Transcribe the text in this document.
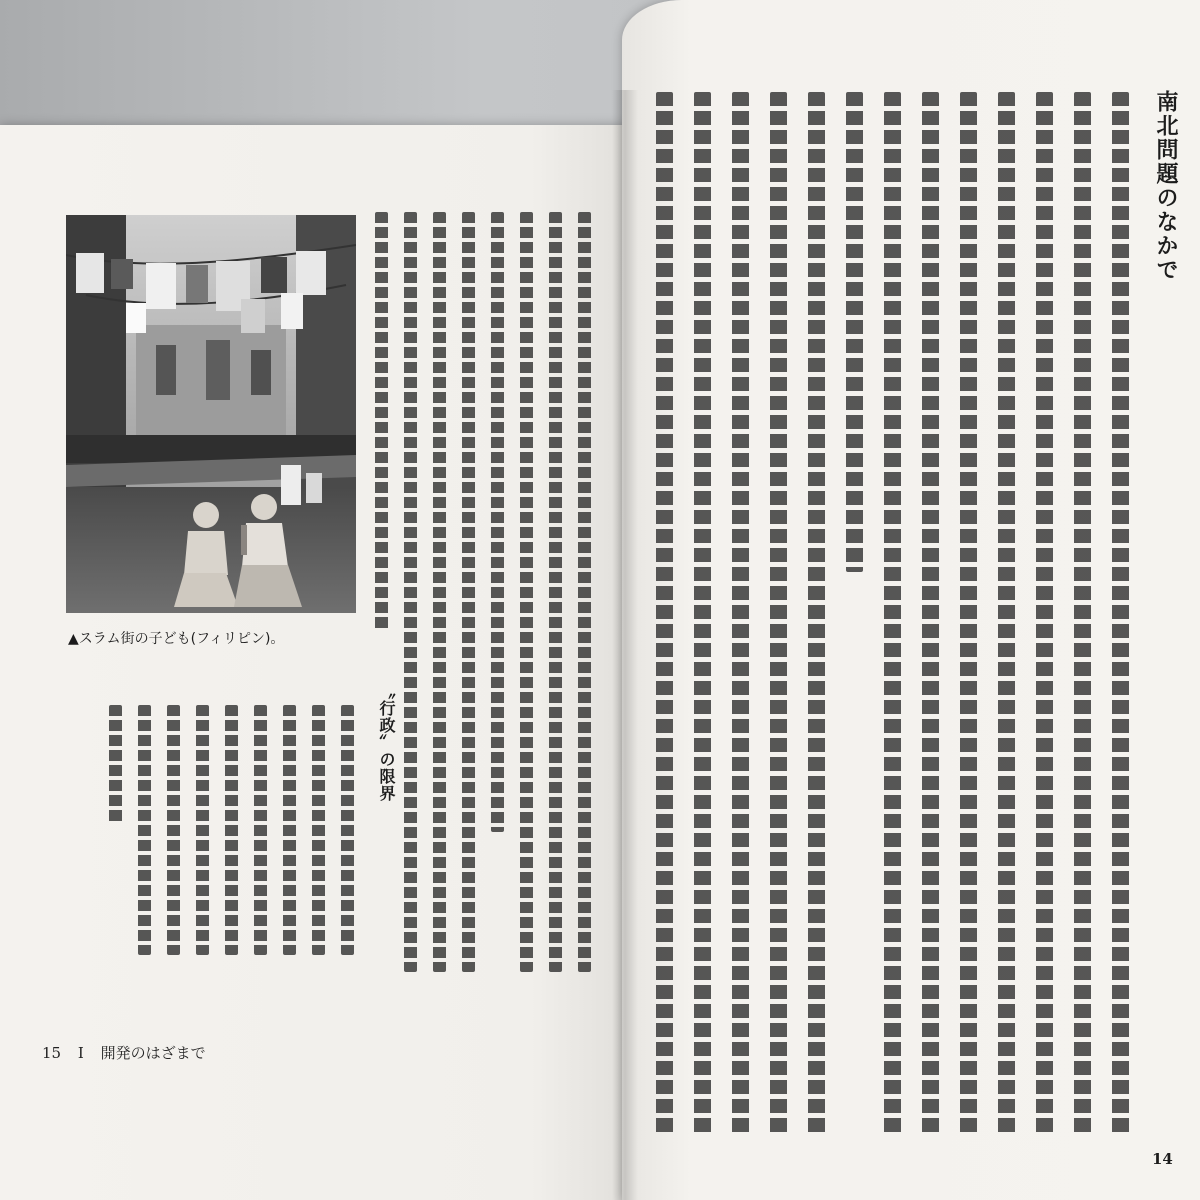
南北問題のなかで
▲スラム街の子ども(フィリピン)。
〝行政〟の限界
15 I 開発のはざまで
14
